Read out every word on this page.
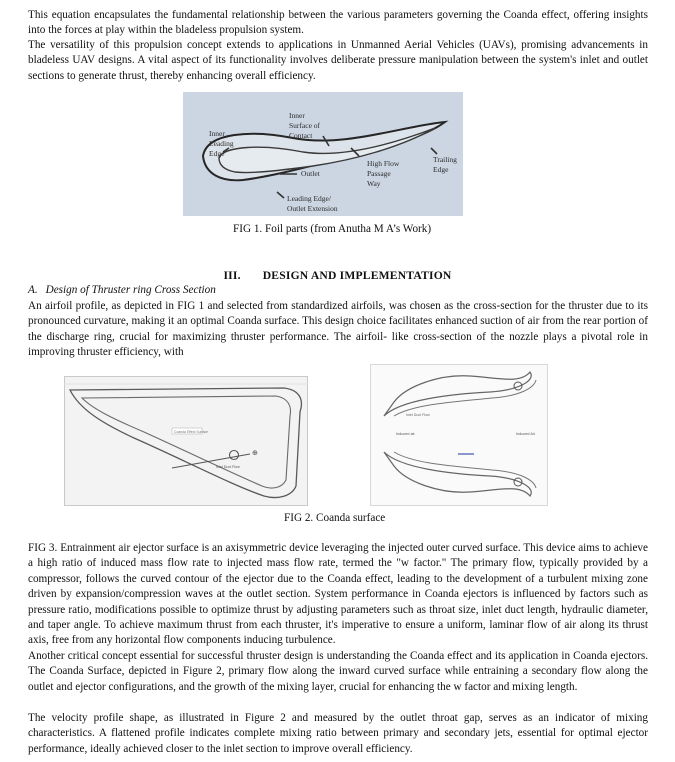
This equation encapsulates the fundamental relationship between the various parameters governing the Coanda effect, offering insights into the forces at play within the bladeless propulsion system.

The versatility of this propulsion concept extends to applications in Unmanned Aerial Vehicles (UAVs), promising advancements in bladeless UAV designs. A vital aspect of its functionality involves deliberate pressure manipulation between the system's inlet and outlet sections to generate thrust, thereby enhancing overall efficiency.

Inner Leading Edge
Inner Surface of Contact
Outlet
High Flow Passage Way
Trailing Edge
Leading Edge/ Outlet Extension
FIG 1. Foil parts (from Anutha M A’s Work)
III. DESIGN AND IMPLEMENTATION
A. Design of Thruster ring Cross Section

An airfoil profile, as depicted in FIG 1 and selected from standardized airfoils, was chosen as the cross-section for the thruster due to its pronounced curvature, making it an optimal Coanda surface. This design choice facilitates enhanced suction of air from the rear portion of the discharge ring, crucial for maximizing thruster performance. The airfoil- like cross-section of the nozzle plays a pivotal role in improving thruster efficiency, with

⊕
Coanda Effect Surface
Inlet Duct Flow
Inlet Duct Flow
Induced air	Induced Air
FIG 2. Coanda surface

FIG 3. Entrainment air ejector surface is an axisymmetric device leveraging the injected outer curved surface. This device aims to achieve a high ratio of induced mass flow rate to injected mass flow rate, termed the "w factor." The primary flow, typically provided by a compressor, follows the curved contour of the ejector due to the Coanda effect, leading to the development of a turbulent mixing zone driven by expansion/compression waves at the outlet section. System performance in Coanda ejectors is influenced by factors such as pressure ratio, modifications possible to optimize thrust by adjusting parameters such as throat size, inlet duct length, hydraulic diameter, and taper angle. To achieve maximum thrust from each thruster, it's imperative to ensure a uniform, laminar flow of air along its thrust axis, free from any horizontal flow components inducing turbulence.

Another critical concept essential for successful thruster design is understanding the Coanda effect and its application in Coanda ejectors. The Coanda Surface, depicted in Figure 2, primary flow along the inward curved surface while entraining a secondary flow along the outlet and ejector configurations, and the growth of the mixing layer, crucial for enhancing the w factor and mixing length.

The velocity profile shape, as illustrated in Figure 2 and measured by the outlet throat gap, serves as an indicator of mixing characteristics. A flattened profile indicates complete mixing ratio between primary and secondary jets, essential for optimal ejector performance, ideally achieved closer to the inlet section to improve overall efficiency.
